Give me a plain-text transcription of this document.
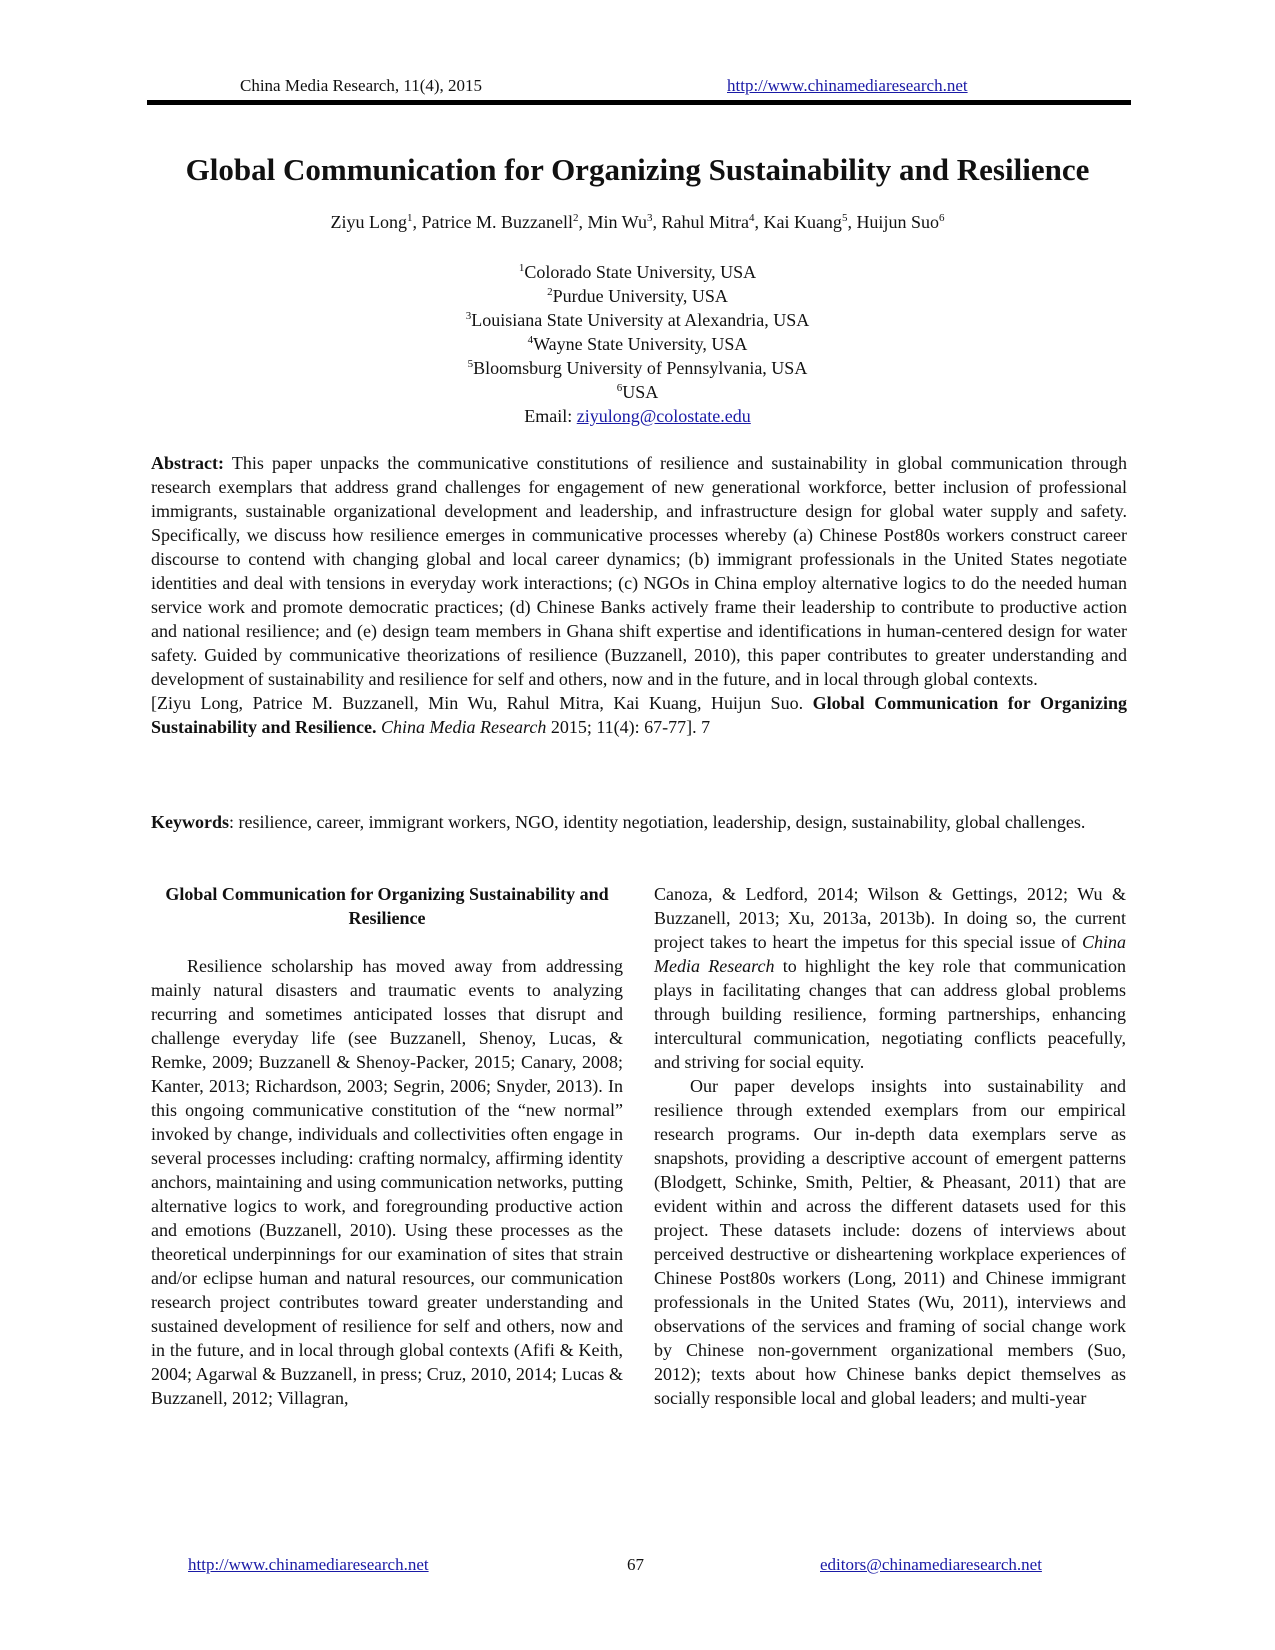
China Media Research, 11(4), 2015	http://www.chinamediaresearch.net
Global Communication for Organizing Sustainability and Resilience
Ziyu Long$^1$, Patrice M. Buzzanell$^2$, Min Wu$^3$, Rahul Mitra$^4$, Kai Kuang$^5$, Huijun Suo$^6$
$^1$Colorado State University, USA
$^2$Purdue University, USA
$^3$Louisiana State University at Alexandria, USA
$^4$Wayne State University, USA
$^5$Bloomsburg University of Pennsylvania, USA
$^6$USA
Email: ziyulong@colostate.edu
Abstract: This paper unpacks the communicative constitutions of resilience and sustainability in global communication through research exemplars that address grand challenges for engagement of new generational workforce, better inclusion of professional immigrants, sustainable organizational development and leadership, and infrastructure design for global water supply and safety. Specifically, we discuss how resilience emerges in communicative processes whereby (a) Chinese Post80s workers construct career discourse to contend with changing global and local career dynamics; (b) immigrant professionals in the United States negotiate identities and deal with tensions in everyday work interactions; (c) NGOs in China employ alternative logics to do the needed human service work and promote democratic practices; (d) Chinese Banks actively frame their leadership to contribute to productive action and national resilience; and (e) design team members in Ghana shift expertise and identifications in human-centered design for water safety. Guided by communicative theorizations of resilience (Buzzanell, 2010), this paper contributes to greater understanding and development of sustainability and resilience for self and others, now and in the future, and in local through global contexts.
[Ziyu Long, Patrice M. Buzzanell, Min Wu, Rahul Mitra, Kai Kuang, Huijun Suo. Global Communication for Organizing Sustainability and Resilience. China Media Research 2015; 11(4): 67-77]. 7
Keywords: resilience, career, immigrant workers, NGO, identity negotiation, leadership, design, sustainability, global challenges.
Global Communication for Organizing Sustainability and Resilience

Resilience scholarship has moved away from addressing mainly natural disasters and traumatic events to analyzing recurring and sometimes anticipated losses that disrupt and challenge everyday life (see Buzzanell, Shenoy, Lucas, & Remke, 2009; Buzzanell & Shenoy-Packer, 2015; Canary, 2008; Kanter, 2013; Richardson, 2003; Segrin, 2006; Snyder, 2013). In this ongoing communicative constitution of the “new normal” invoked by change, individuals and collectivities often engage in several processes including: crafting normalcy, affirming identity anchors, maintaining and using communication networks, putting alternative logics to work, and foregrounding productive action and emotions (Buzzanell, 2010). Using these processes as the theoretical underpinnings for our examination of sites that strain and/or eclipse human and natural resources, our communication research project contributes toward greater understanding and sustained development of resilience for self and others, now and in the future, and in local through global contexts (Afifi & Keith, 2004; Agarwal & Buzzanell, in press; Cruz, 2010, 2014; Lucas & Buzzanell, 2012; Villagran,

Canoza, & Ledford, 2014; Wilson & Gettings, 2012; Wu & Buzzanell, 2013; Xu, 2013a, 2013b). In doing so, the current project takes to heart the impetus for this special issue of China Media Research to highlight the key role that communication plays in facilitating changes that can address global problems through building resilience, forming partnerships, enhancing intercultural communication, negotiating conflicts peacefully, and striving for social equity.

Our paper develops insights into sustainability and resilience through extended exemplars from our empirical research programs. Our in-depth data exemplars serve as snapshots, providing a descriptive account of emergent patterns (Blodgett, Schinke, Smith, Peltier, & Pheasant, 2011) that are evident within and across the different datasets used for this project. These datasets include: dozens of interviews about perceived destructive or disheartening workplace experiences of Chinese Post80s workers (Long, 2011) and Chinese immigrant professionals in the United States (Wu, 2011), interviews and observations of the services and framing of social change work by Chinese non-government organizational members (Suo, 2012); texts about how Chinese banks depict themselves as socially responsible local and global leaders; and multi-year

http://www.chinamediaresearch.net	67	editors@chinamediaresearch.net
